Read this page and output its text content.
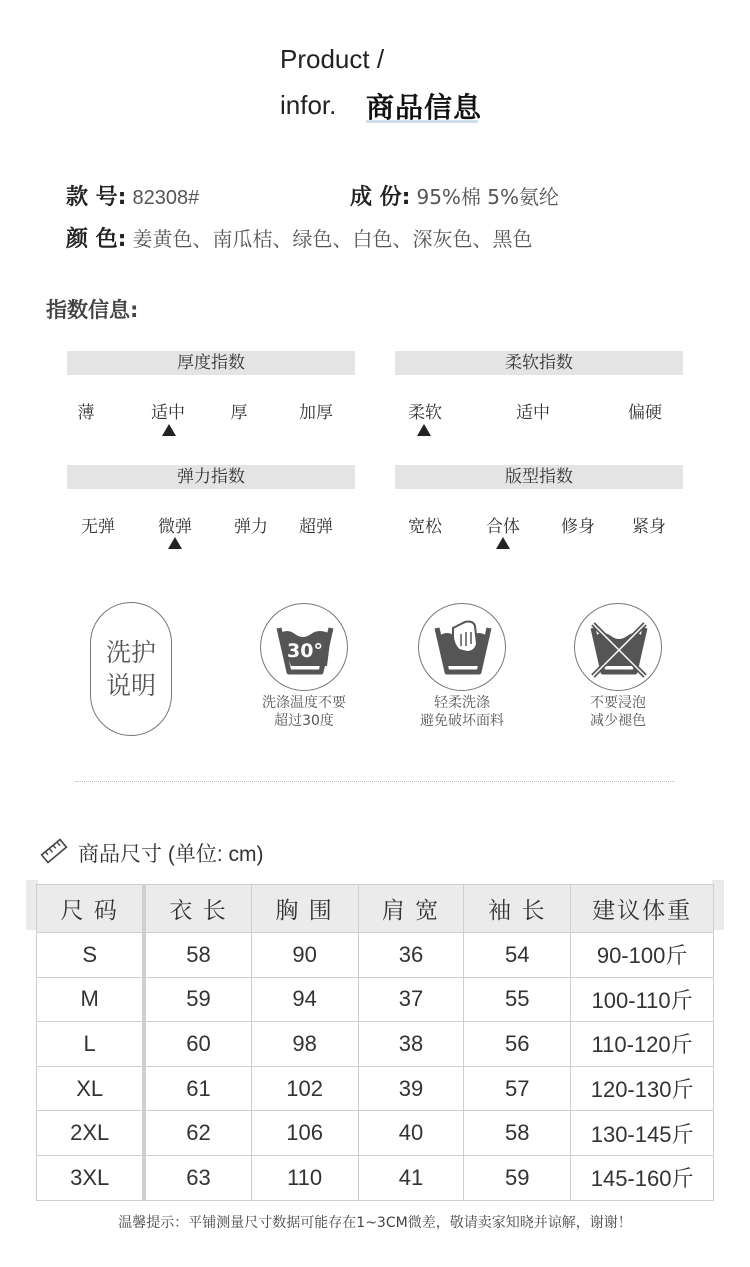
Product /
infor. 商品信息
款 号: 82308#	成 份: 95%棉 5%氨纶
颜 色: 姜黄色、南瓜桔、绿色、白色、深灰色、黑色
指数信息:
厚度指数
薄	适中	厚	加厚
柔软指数
柔软	适中	偏硬
弹力指数
无弹	微弹 弹力 超弹
版型指数
宽松	合体 修身 紧身
洗护
说明
30°
洗涤温度不要
超过30度
轻柔洗涤
避免破坏面料
不要浸泡
减少褪色
商品尺寸 (单位: cm)
尺 码	衣 长	胸 围	肩 宽	袖 长	建议体重
S	58	90	36	54	90-100斤
M	59	94	37	55	100-110斤
L	60	98	38	56	110-120斤
XL	61	102	39	57	120-130斤
2XL	62	106	40	58	130-145斤
3XL	63	110	41	59	145-160斤
温馨提示：平铺测量尺寸数据可能存在1~3CM微差，敬请卖家知晓并谅解，谢谢！
